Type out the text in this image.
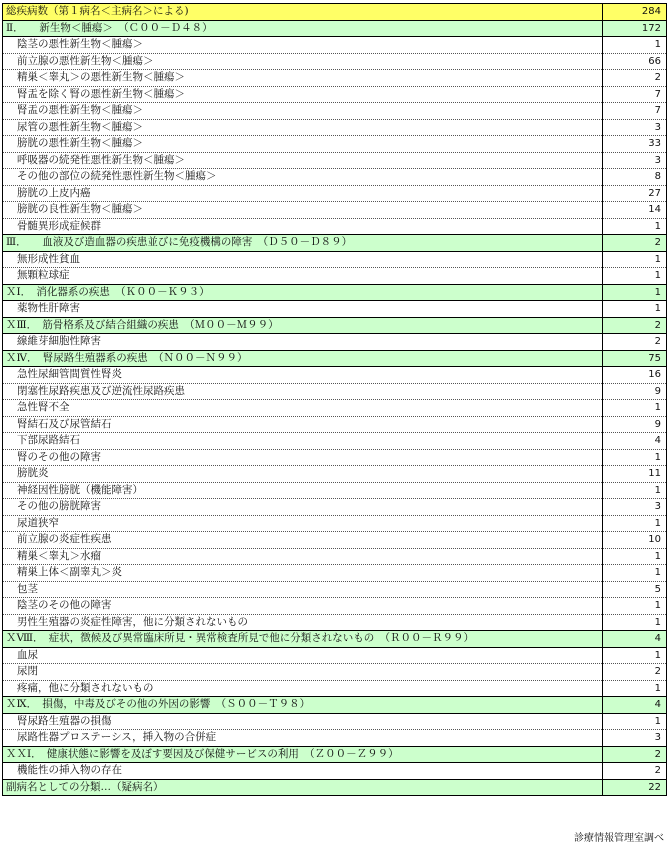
総疾病数（第１病名＜主病名＞による)	284
Ⅱ．　　新生物＜腫瘍＞　（Ｃ００－Ｄ４８）	172
陰茎の悪性新生物＜腫瘍＞	1
前立腺の悪性新生物＜腫瘍＞	66
精巣＜睾丸＞の悪性新生物＜腫瘍＞	2
腎盂を除く腎の悪性新生物＜腫瘍＞	7
腎盂の悪性新生物＜腫瘍＞	7
尿管の悪性新生物＜腫瘍＞	3
膀胱の悪性新生物＜腫瘍＞	33
呼吸器の続発性悪性新生物＜腫瘍＞	3
その他の部位の続発性悪性新生物＜腫瘍＞	8
膀胱の上皮内癌	27
膀胱の良性新生物＜腫瘍＞	14
骨髄異形成症候群	1
Ⅲ．　　血液及び造血器の疾患並びに免疫機構の障害　（Ｄ５０－Ｄ８９）	2
無形成性貧血	1
無顆粒球症	1
ＸⅠ．　消化器系の疾患　（Ｋ００－Ｋ９３）	1
薬物性肝障害	1
ＸⅢ．　筋骨格系及び結合組織の疾患　（Ｍ００－Ｍ９９）	2
線維芽細胞性障害	2
ＸⅣ．　腎尿路生殖器系の疾患　（Ｎ００－Ｎ９９）	75
急性尿細管間質性腎炎	16
閉塞性尿路疾患及び逆流性尿路疾患	9
急性腎不全	1
腎結石及び尿管結石	9
下部尿路結石	4
腎のその他の障害	1
膀胱炎	11
神経因性膀胱（機能障害）	1
その他の膀胱障害	3
尿道狭窄	1
前立腺の炎症性疾患	10
精巣＜睾丸＞水瘤	1
精巣上体＜副睾丸＞炎	1
包茎	5
陰茎のその他の障害	1
男性生殖器の炎症性障害，他に分類されないもの	1
ＸⅧ．　症状，徴候及び異常臨床所見・異常検査所見で他に分類されないもの　（Ｒ００－Ｒ９９）	4
血尿	1
尿閉	2
疼痛，他に分類されないもの	1
ＸⅨ．　損傷，中毒及びその他の外因の影響　（Ｓ００－Ｔ９８）	4
腎尿路生殖器の損傷	1
尿路性器プロステーシス，挿入物の合併症	3
ＸＸⅠ．　健康状態に影響を及ぼす要因及び保健サービスの利用　（Ｚ００－Ｚ９９）	2
機能性の挿入物の存在	2
副病名としての分類…（疑病名）	22
診療情報管理室調べ
